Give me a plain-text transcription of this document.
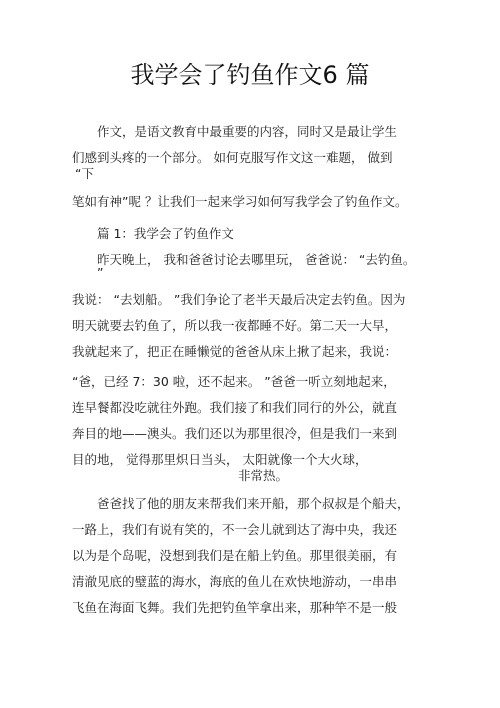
我学会了钓鱼作文6 篇
作文，是语文教育中最重要的内容，同时又是最让学生
们感到头疼的一个部分。 如何克服写作文这一难题， 做到
“下
笔如有神”呢 ？让我们一起来学习如何写我学会了钓鱼作文。
篇 1：我学会了钓鱼作文
昨天晚上， 我和爸爸讨论去哪里玩， 爸爸说： “去钓鱼。
”
我说： “去划船。 ”我们争论了老半天最后决定去钓鱼。因为
明天就要去钓鱼了，所以我一夜都睡不好。第二天一大早，
我就起来了，把正在睡懒觉的爸爸从床上揪了起来，我说：
“爸，已经 7：30 啦，还不起来。 ”爸爸一听立刻地起来，
连早餐都没吃就往外跑。我们接了和我们同行的外公，就直
奔目的地——澳头。我们还以为那里很冷，但是我们一来到
目的地， 觉得那里炽日当头， 太阳就像一个大火球，
非常热。
爸爸找了他的朋友来帮我们来开船，那个叔叔是个船夫，
一路上，我们有说有笑的，不一会儿就到达了海中央，我还
以为是个岛呢，没想到我们是在船上钓鱼。那里很美丽，有
清澈见底的璧蓝的海水，海底的鱼儿在欢快地游动，一串串
飞鱼在海面飞舞。我们先把钓鱼竿拿出来，那种竿不是一般
